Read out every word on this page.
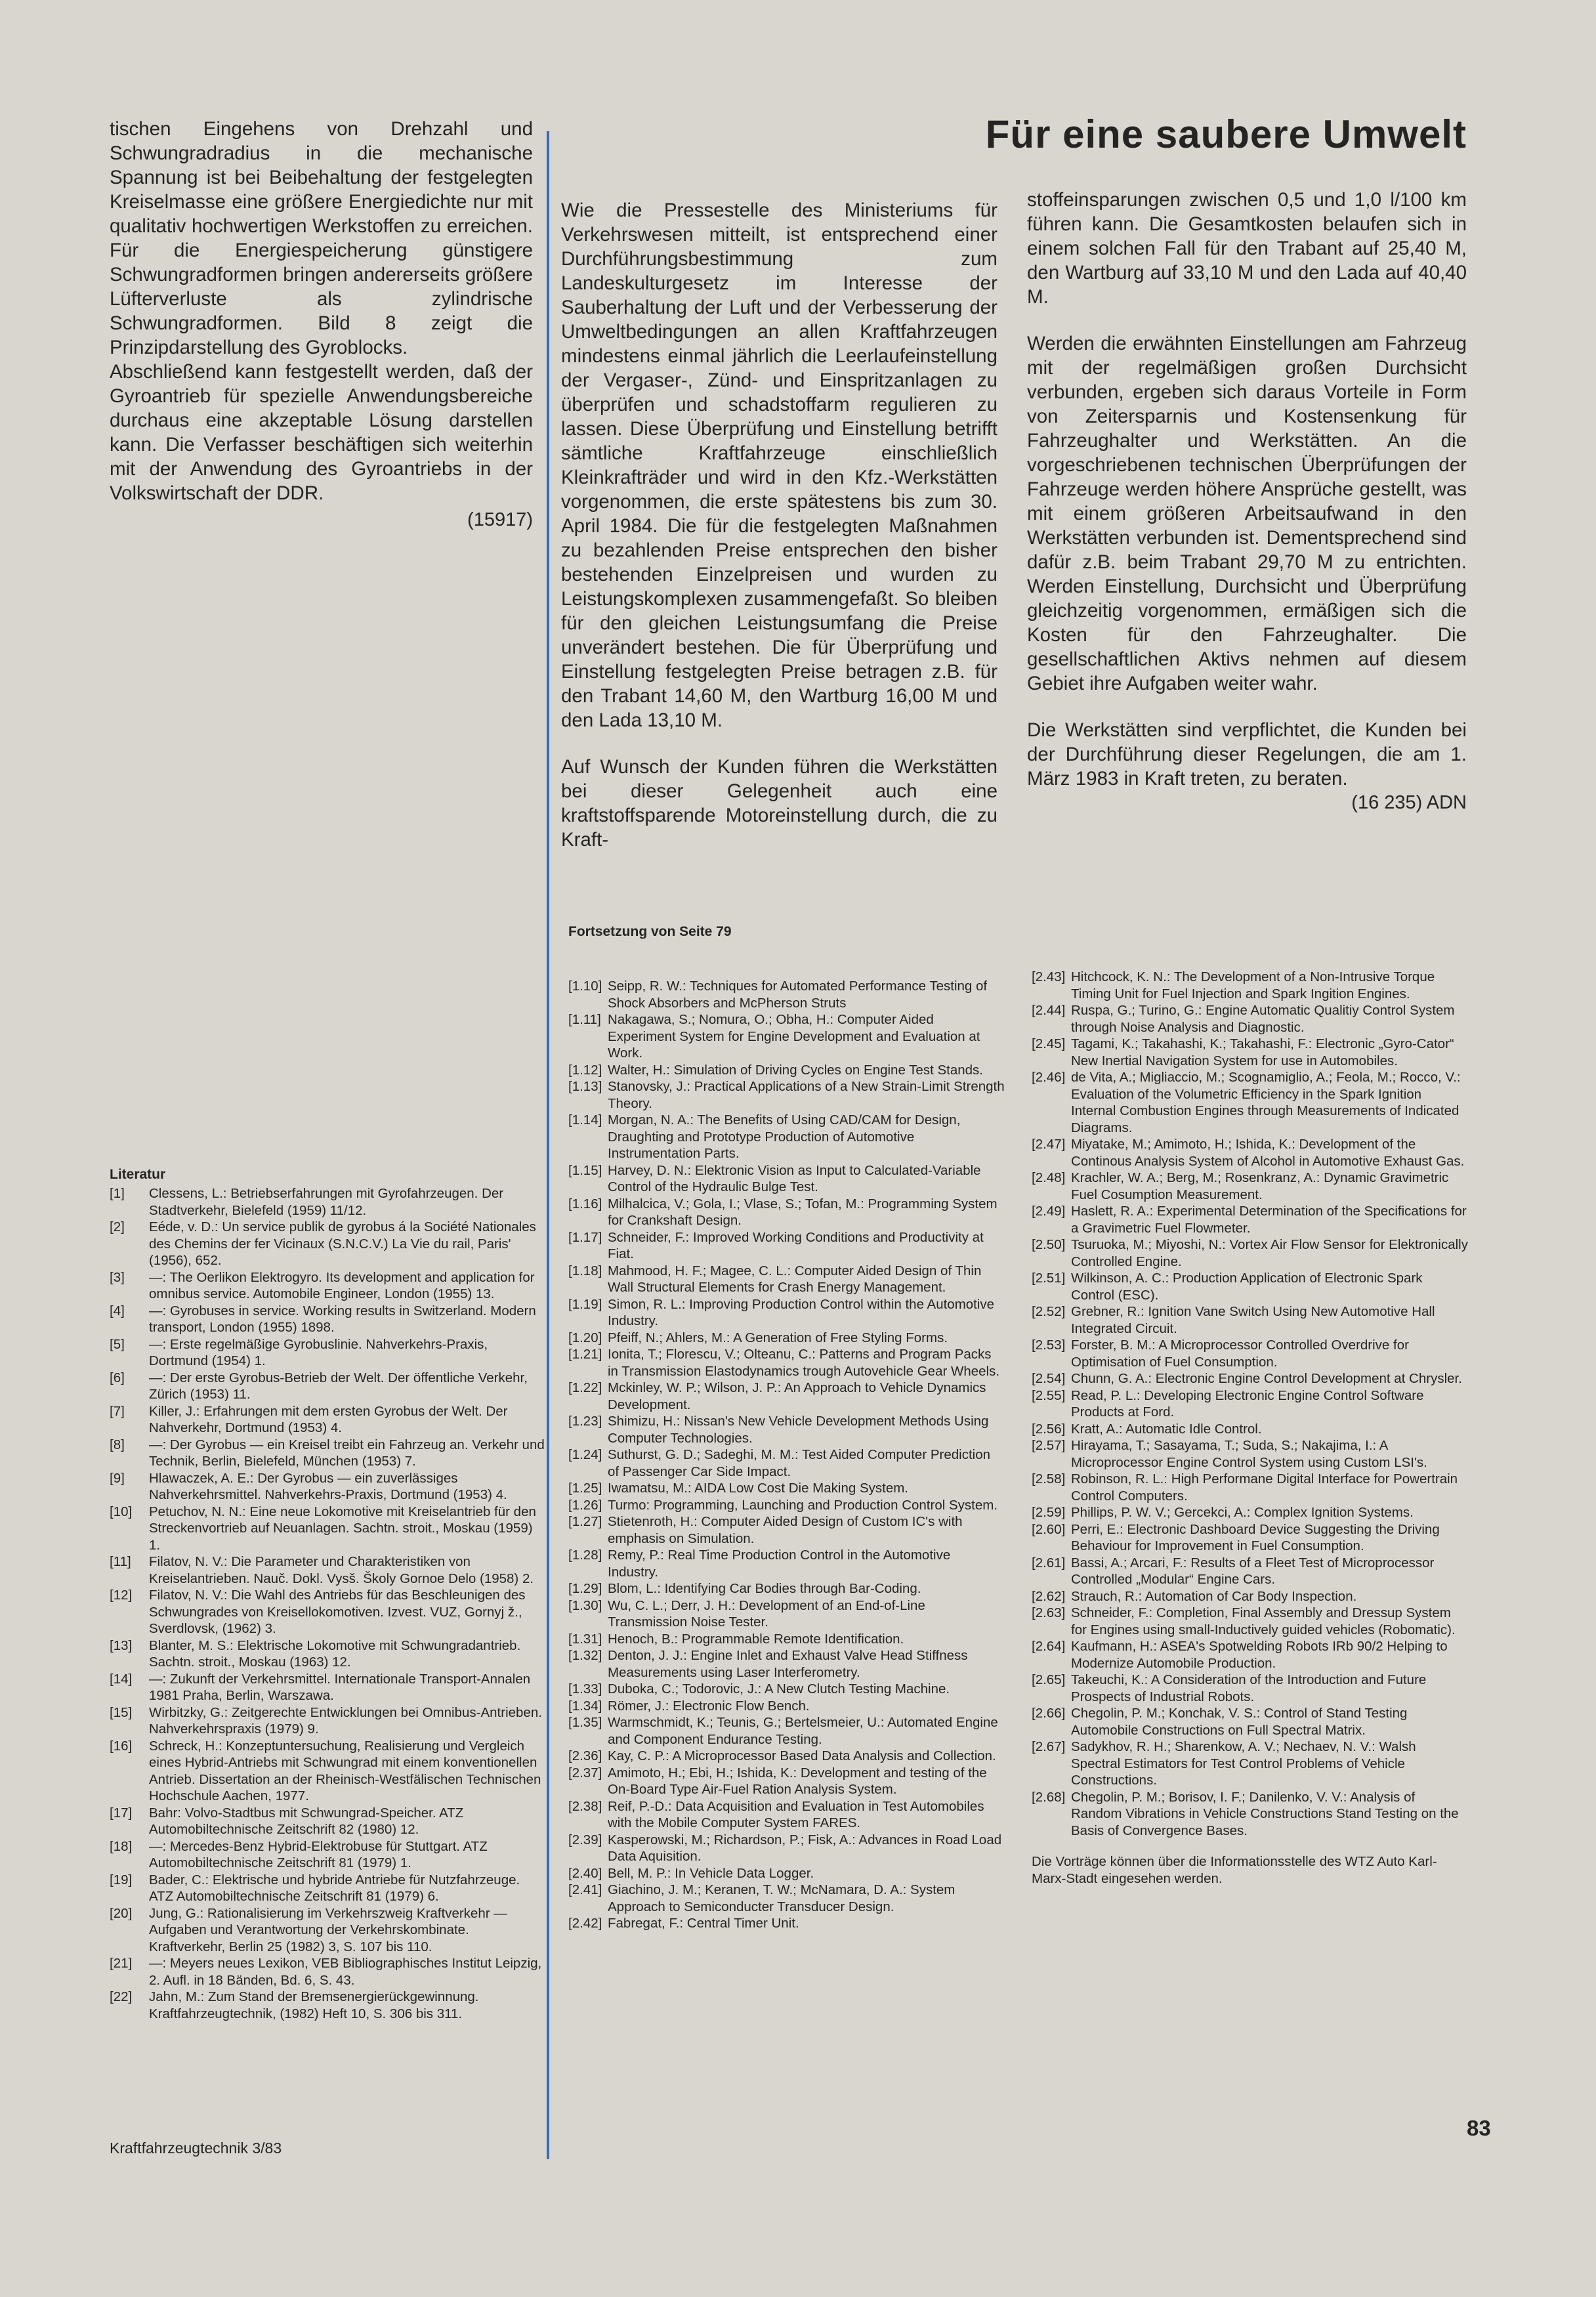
tischen Eingehens von Drehzahl und Schwungradradius in die mechanische Spannung ist bei Beibehaltung der festgelegten Kreiselmasse eine größere Energiedichte nur mit qualitativ hochwertigen Werkstoffen zu erreichen. Für die Energiespeicherung günstigere Schwungradformen bringen andererseits größere Lüfterverluste als zylindrische Schwungradformen. Bild 8 zeigt die Prinzipdarstellung des Gyroblocks.

Abschließend kann festgestellt werden, daß der Gyroantrieb für spezielle Anwendungsbereiche durchaus eine akzeptable Lösung darstellen kann. Die Verfasser beschäftigen sich weiterhin mit der Anwendung des Gyroantriebs in der Volkswirtschaft der DDR.

(15917)

Für eine saubere Umwelt

Wie die Pressestelle des Ministeriums für Verkehrswesen mitteilt, ist entsprechend einer Durchführungsbestimmung zum Landeskulturgesetz im Interesse der Sauberhaltung der Luft und der Verbesserung der Umweltbedingungen an allen Kraftfahrzeugen mindestens einmal jährlich die Leerlaufeinstellung der Vergaser-, Zünd- und Einspritzanlagen zu überprüfen und schadstoffarm regulieren zu lassen. Diese Überprüfung und Einstellung betrifft sämtliche Kraftfahrzeuge einschließlich Kleinkrafträder und wird in den Kfz.-Werkstätten vorgenommen, die erste spätestens bis zum 30. April 1984. Die für die festgelegten Maßnahmen zu bezahlenden Preise entsprechen den bisher bestehenden Einzelpreisen und wurden zu Leistungskomplexen zusammengefaßt. So bleiben für den gleichen Leistungsumfang die Preise unverändert bestehen. Die für Überprüfung und Einstellung festgelegten Preise betragen z.B. für den Trabant 14,60 M, den Wartburg 16,00 M und den Lada 13,10 M.

Auf Wunsch der Kunden führen die Werkstätten bei dieser Gelegenheit auch eine kraftstoffsparende Motoreinstellung durch, die zu Kraft-

stoffeinsparungen zwischen 0,5 und 1,0 l/100 km führen kann. Die Gesamtkosten belaufen sich in einem solchen Fall für den Trabant auf 25,40 M, den Wartburg auf 33,10 M und den Lada auf 40,40 M.

Werden die erwähnten Einstellungen am Fahrzeug mit der regelmäßigen großen Durchsicht verbunden, ergeben sich daraus Vorteile in Form von Zeitersparnis und Kostensenkung für Fahrzeughalter und Werkstätten. An die vorgeschriebenen technischen Überprüfungen der Fahrzeuge werden höhere Ansprüche gestellt, was mit einem größeren Arbeitsaufwand in den Werkstätten verbunden ist. Dementsprechend sind dafür z.B. beim Trabant 29,70 M zu entrichten. Werden Einstellung, Durchsicht und Überprüfung gleichzeitig vorgenommen, ermäßigen sich die Kosten für den Fahrzeughalter. Die gesellschaftlichen Aktivs nehmen auf diesem Gebiet ihre Aufgaben weiter wahr.

Die Werkstätten sind verpflichtet, die Kunden bei der Durchführung dieser Regelungen, die am 1. März 1983 in Kraft treten, zu beraten.

(16 235) ADN

Literatur

[1]	Clessens, L.: Betriebserfahrungen mit Gyrofahrzeugen. Der Stadtverkehr, Bielefeld (1959) 11/12.
[2]	Eéde, v. D.: Un service publik de gyrobus á la Société Nationales des Chemins der fer Vicinaux (S.N.C.V.) La Vie du rail, Paris' (1956), 652.
[3]	—: The Oerlikon Elektrogyro. Its development and application for omnibus service. Automobile Engineer, London (1955) 13.
[4]	—: Gyrobuses in service. Working results in Switzerland. Modern transport, London (1955) 1898.
[5]	—: Erste regelmäßige Gyrobuslinie. Nahverkehrs-Praxis, Dortmund (1954) 1.
[6]	—: Der erste Gyrobus-Betrieb der Welt. Der öffentliche Verkehr, Zürich (1953) 11.
[7]	Killer, J.: Erfahrungen mit dem ersten Gyrobus der Welt. Der Nahverkehr, Dortmund (1953) 4.
[8]	—: Der Gyrobus — ein Kreisel treibt ein Fahrzeug an. Verkehr und Technik, Berlin, Bielefeld, München (1953) 7.
[9]	Hlawaczek, A. E.: Der Gyrobus — ein zuverlässiges Nahverkehrsmittel. Nahverkehrs-Praxis, Dortmund (1953) 4.
[10]	Petuchov, N. N.: Eine neue Lokomotive mit Kreiselantrieb für den Streckenvortrieb auf Neuanlagen. Sachtn. stroit., Moskau (1959) 1.
[11]	Filatov, N. V.: Die Parameter und Charakteristiken von Kreiselantrieben. Nauč. Dokl. Vysš. Školy Gornoe Delo (1958) 2.
[12]	Filatov, N. V.: Die Wahl des Antriebs für das Beschleunigen des Schwungrades von Kreisellokomotiven. Izvest. VUZ, Gornyj ž., Sverdlovsk, (1962) 3.
[13]	Blanter, M. S.: Elektrische Lokomotive mit Schwungradantrieb. Sachtn. stroit., Moskau (1963) 12.
[14]	—: Zukunft der Verkehrsmittel. Internationale Transport-Annalen 1981 Praha, Berlin, Warszawa.
[15]	Wirbitzky, G.: Zeitgerechte Entwicklungen bei Omnibus-Antrieben. Nahverkehrspraxis (1979) 9.
[16]	Schreck, H.: Konzeptuntersuchung, Realisierung und Vergleich eines Hybrid-Antriebs mit Schwungrad mit einem konventionellen Antrieb. Dissertation an der Rheinisch-Westfälischen Technischen Hochschule Aachen, 1977.
[17]	Bahr: Volvo-Stadtbus mit Schwungrad-Speicher. ATZ Automobiltechnische Zeitschrift 82 (1980) 12.
[18]	—: Mercedes-Benz Hybrid-Elektrobuse für Stuttgart. ATZ Automobiltechnische Zeitschrift 81 (1979) 1.
[19]	Bader, C.: Elektrische und hybride Antriebe für Nutzfahrzeuge. ATZ Automobiltechnische Zeitschrift 81 (1979) 6.
[20]	Jung, G.: Rationalisierung im Verkehrszweig Kraftverkehr — Aufgaben und Verantwortung der Verkehrskombinate. Kraftverkehr, Berlin 25 (1982) 3, S. 107 bis 110.
[21]	—: Meyers neues Lexikon, VEB Bibliographisches Institut Leipzig, 2. Aufl. in 18 Bänden, Bd. 6, S. 43.
[22]	Jahn, M.: Zum Stand der Bremsenergierückgewinnung. Kraftfahrzeugtechnik, (1982) Heft 10, S. 306 bis 311.

Fortsetzung von Seite 79

[1.10] Seipp, R. W.: Techniques for Automated Performance Testing of Shock Absorbers and McPherson Struts
[1.11] Nakagawa, S.; Nomura, O.; Obha, H.: Computer Aided Experiment System for Engine Development and Evaluation at Work.
[1.12] Walter, H.: Simulation of Driving Cycles on Engine Test Stands.
[1.13] Stanovsky, J.: Practical Applications of a New Strain-Limit Strength Theory.
[1.14] Morgan, N. A.: The Benefits of Using CAD/CAM for Design, Draughting and Prototype Production of Automotive Instrumentation Parts.
[1.15] Harvey, D. N.: Elektronic Vision as Input to Calculated-Variable Control of the Hydraulic Bulge Test.
[1.16] Milhalcica, V.; Gola, I.; Vlase, S.; Tofan, M.: Programming System for Crankshaft Design.
[1.17] Schneider, F.: Improved Working Conditions and Productivity at Fiat.
[1.18] Mahmood, H. F.; Magee, C. L.: Computer Aided Design of Thin Wall Structural Elements for Crash Energy Management.
[1.19] Simon, R. L.: Improving Production Control within the Automotive Industry.
[1.20] Pfeiff, N.; Ahlers, M.: A Generation of Free Styling Forms.
[1.21] Ionita, T.; Florescu, V.; Olteanu, C.: Patterns and Program Packs in Transmission Elastodynamics trough Autovehicle Gear Wheels.
[1.22] Mckinley, W. P.; Wilson, J. P.: An Approach to Vehicle Dynamics Development.
[1.23] Shimizu, H.: Nissan's New Vehicle Development Methods Using Computer Technologies.
[1.24] Suthurst, G. D.; Sadeghi, M. M.: Test Aided Computer Prediction of Passenger Car Side Impact.
[1.25] Iwamatsu, M.: AIDA Low Cost Die Making System.
[1.26] Turmo: Programming, Launching and Production Control System.
[1.27] Stietenroth, H.: Computer Aided Design of Custom IC's with emphasis on Simulation.
[1.28] Remy, P.: Real Time Production Control in the Automotive Industry.
[1.29] Blom, L.: Identifying Car Bodies through Bar-Coding.
[1.30] Wu, C. L.; Derr, J. H.: Development of an End-of-Line Transmission Noise Tester.
[1.31] Henoch, B.: Programmable Remote Identification.
[1.32] Denton, J. J.: Engine Inlet and Exhaust Valve Head Stiffness Measurements using Laser Interferometry.
[1.33] Duboka, C.; Todorovic, J.: A New Clutch Testing Machine.
[1.34] Römer, J.: Electronic Flow Bench.
[1.35] Warmschmidt, K.; Teunis, G.; Bertelsmeier, U.: Automated Engine and Component Endurance Testing.
[2.36] Kay, C. P.: A Microprocessor Based Data Analysis and Collection.
[2.37] Amimoto, H.; Ebi, H.; Ishida, K.: Development and testing of the On-Board Type Air-Fuel Ration Analysis System.
[2.38] Reif, P.-D.: Data Acquisition and Evaluation in Test Automobiles with the Mobile Computer System FARES.
[2.39] Kasperowski, M.; Richardson, P.; Fisk, A.: Advances in Road Load Data Aquisition.
[2.40] Bell, M. P.: In Vehicle Data Logger.
[2.41] Giachino, J. M.; Keranen, T. W.; McNamara, D. A.: System Approach to Semiconducter Transducer Design.
[2.42] Fabregat, F.: Central Timer Unit.
[2.43] Hitchcock, K. N.: The Development of a Non-Intrusive Torque Timing Unit for Fuel Injection and Spark Ingition Engines.
[2.44] Ruspa, G.; Turino, G.: Engine Automatic Qualitiy Control System through Noise Analysis and Diagnostic.
[2.45] Tagami, K.; Takahashi, K.; Takahashi, F.: Electronic „Gyro-Cator“ New Inertial Navigation System for use in Automobiles.
[2.46] de Vita, A.; Migliaccio, M.; Scognamiglio, A.; Feola, M.; Rocco, V.: Evaluation of the Volumetric Efficiency in the Spark Ignition Internal Combustion Engines through Measurements of Indicated Diagrams.
[2.47] Miyatake, M.; Amimoto, H.; Ishida, K.: Development of the Continous Analysis System of Alcohol in Automotive Exhaust Gas.
[2.48] Krachler, W. A.; Berg, M.; Rosenkranz, A.: Dynamic Gravimetric Fuel Cosumption Measurement.
[2.49] Haslett, R. A.: Experimental Determination of the Specifications for a Gravimetric Fuel Flowmeter.
[2.50] Tsuruoka, M.; Miyoshi, N.: Vortex Air Flow Sensor for Elektronically Controlled Engine.
[2.51] Wilkinson, A. C.: Production Application of Electronic Spark Control (ESC).
[2.52] Grebner, R.: Ignition Vane Switch Using New Automotive Hall Integrated Circuit.
[2.53] Forster, B. M.: A Microprocessor Controlled Overdrive for Optimisation of Fuel Consumption.
[2.54] Chunn, G. A.: Electronic Engine Control Development at Chrysler.
[2.55] Read, P. L.: Developing Electronic Engine Control Software Products at Ford.
[2.56] Kratt, A.: Automatic Idle Control.
[2.57] Hirayama, T.; Sasayama, T.; Suda, S.; Nakajima, I.: A Microprocessor Engine Control System using Custom LSI's.
[2.58] Robinson, R. L.: High Performane Digital Interface for Powertrain Control Computers.
[2.59] Phillips, P. W. V.; Gercekci, A.: Complex Ignition Systems.
[2.60] Perri, E.: Electronic Dashboard Device Suggesting the Driving Behaviour for Improvement in Fuel Consumption.
[2.61] Bassi, A.; Arcari, F.: Results of a Fleet Test of Microprocessor Controlled „Modular“ Engine Cars.
[2.62] Strauch, R.: Automation of Car Body Inspection.
[2.63] Schneider, F.: Completion, Final Assembly and Dressup System for Engines using small-Inductively guided vehicles (Robomatic).
[2.64] Kaufmann, H.: ASEA's Spotwelding Robots IRb 90/2 Helping to Modernize Automobile Production.
[2.65] Takeuchi, K.: A Consideration of the Introduction and Future Prospects of Industrial Robots.
[2.66] Chegolin, P. M.; Konchak, V. S.: Control of Stand Testing Automobile Constructions on Full Spectral Matrix.
[2.67] Sadykhov, R. H.; Sharenkow, A. V.; Nechaev, N. V.: Walsh Spectral Estimators for Test Control Problems of Vehicle Constructions.
[2.68] Chegolin, P. M.; Borisov, I. F.; Danilenko, V. V.: Analysis of Random Vibrations in Vehicle Constructions Stand Testing on the Basis of Convergence Bases.

Die Vorträge können über die Informationsstelle des WTZ Auto Karl-Marx-Stadt eingesehen werden.

Kraftfahrzeugtechnik 3/83

83
